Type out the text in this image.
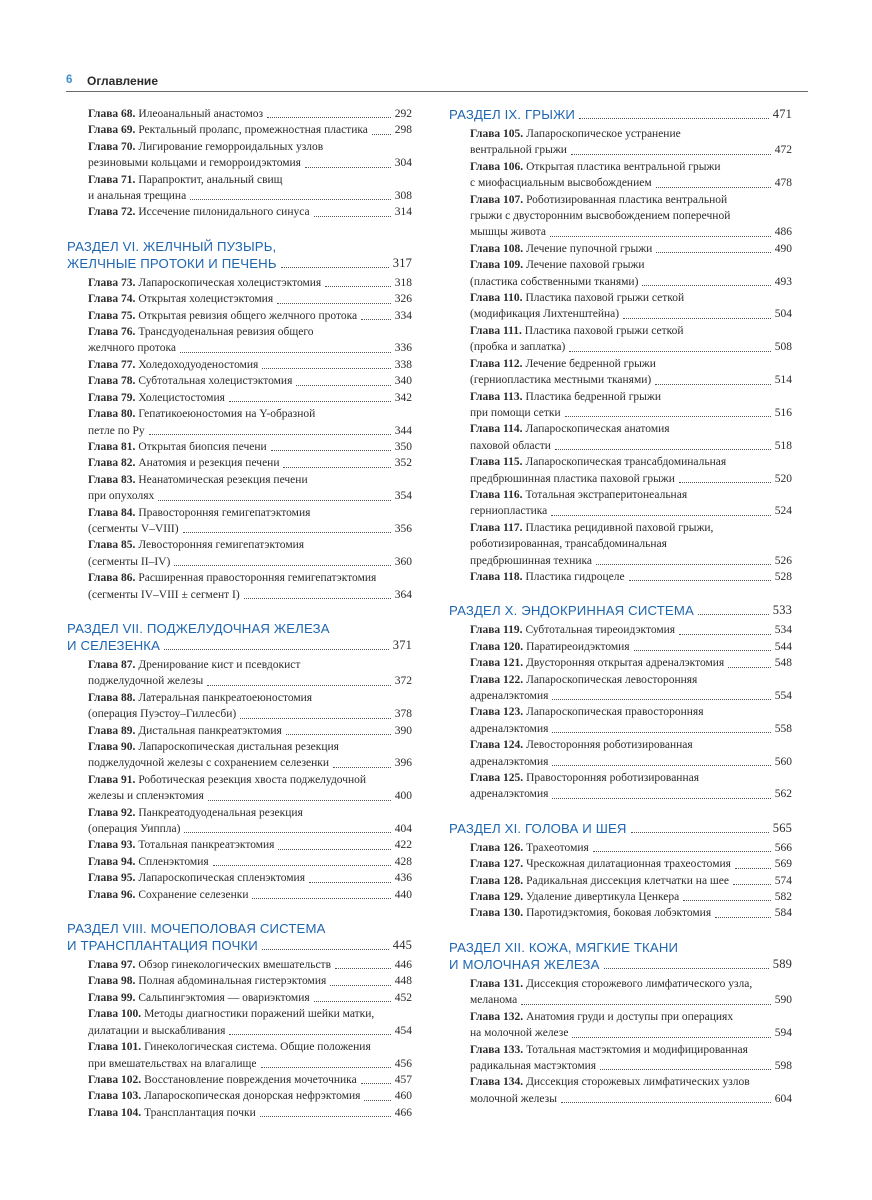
6 Оглавление
Глава 68. Илеоанальный анастомоз	292
Глава 69. Ректальный пролапс, промежностная пластика 298
Глава 70. Лигирование геморроидальных узлов
резиновыми кольцами и геморроидэктомия	304
Глава 71. Парапроктит, анальный свищ
и анальная трещина	308
Глава 72. Иссечение пилонидального синуса	314
РАЗДЕЛ VI. ЖЕЛЧНЫЙ ПУЗЫРЬ,
ЖЕЛЧНЫЕ ПРОТОКИ И ПЕЧЕНЬ	317
Глава 73. Лапароскопическая холецистэктомия	318
Глава 74. Открытая холецистэктомия	326
Глава 75. Открытая ревизия общего желчного протока	334
Глава 76. Трансдуоденальная ревизия общего
желчного протока	336
Глава 77. Холедоходуоденостомия	338
Глава 78. Субтотальная холецистэктомия	340
Глава 79. Холецистостомия	342
Глава 80. Гепатикоеюностомия на Y-образной
петле по Ру	344
Глава 81. Открытая биопсия печени	350
Глава 82. Анатомия и резекция печени	352
Глава 83. Неанатомическая резекция печени
при опухолях	354
Глава 84. Правосторонняя гемигепатэктомия
(сегменты V–VIII)	356
Глава 85. Левосторонняя гемигепатэктомия
(сегменты II–IV)	360
Глава 86. Расширенная правосторонняя гемигепатэктомия
(сегменты IV–VIII ± сегмент I)	364
РАЗДЕЛ VII. ПОДЖЕЛУДОЧНАЯ ЖЕЛЕЗА
И СЕЛЕЗЕНКА	371
Глава 87. Дренирование кист и псевдокист
поджелудочной железы	372
Глава 88. Латеральная панкреатоеюностомия
(операция Пуэстоу–Гиллесби)	378
Глава 89. Дистальная панкреатэктомия	390
Глава 90. Лапароскопическая дистальная резекция
поджелудочной железы с сохранением селезенки	396
Глава 91. Роботическая резекция хвоста поджелудочной
железы и спленэктомия	400
Глава 92. Панкреатодуоденальная резекция
(операция Уиппла)	404
Глава 93. Тотальная панкреатэктомия	422
Глава 94. Спленэктомия	428
Глава 95. Лапароскопическая спленэктомия	436
Глава 96. Сохранение селезенки	440
РАЗДЕЛ VIII. МОЧЕПОЛОВАЯ СИСТЕМА
И ТРАНСПЛАНТАЦИЯ ПОЧКИ	445
Глава 97. Обзор гинекологических вмешательств	446
Глава 98. Полная абдоминальная гистерэктомия	448
Глава 99. Сальпингэктомия — овариэктомия	452
Глава 100. Методы диагностики поражений шейки матки,
дилатации и выскабливания	454
Глава 101. Гинекологическая система. Общие положения
при вмешательствах на влагалище	456
Глава 102. Восстановление повреждения мочеточника	457
Глава 103. Лапароскопическая донорская нефрэктомия	460
Глава 104. Трансплантация почки	466
РАЗДЕЛ IX. ГРЫЖИ	471
Глава 105. Лапароскопическое устранение
вентральной грыжи	472
Глава 106. Открытая пластика вентральной грыжи
с миофасциальным высвобождением	478
Глава 107. Роботизированная пластика вентральной
грыжи с двусторонним высвобождением поперечной
мышцы живота	486
Глава 108. Лечение пупочной грыжи	490
Глава 109. Лечение паховой грыжи
(пластика собственными тканями)	493
Глава 110. Пластика паховой грыжи сеткой
(модификация Лихтенштейна)	504
Глава 111. Пластика паховой грыжи сеткой
(пробка и заплатка)	508
Глава 112. Лечение бедренной грыжи
(герниопластика местными тканями)	514
Глава 113. Пластика бедренной грыжи
при помощи сетки	516
Глава 114. Лапароскопическая анатомия
паховой области	518
Глава 115. Лапароскопическая трансабдоминальная
предбрюшинная пластика паховой грыжи	520
Глава 116. Тотальная экстраперитонеальная
герниопластика	524
Глава 117. Пластика рецидивной паховой грыжи,
роботизированная, трансабдоминальная
предбрюшинная техника	526
Глава 118. Пластика гидроцеле	528
РАЗДЕЛ X. ЭНДОКРИННАЯ СИСТЕМА	533
Глава 119. Субтотальная тиреоидэктомия	534
Глава 120. Паратиреоидэктомия	544
Глава 121. Двусторонняя открытая адреналэктомия	548
Глава 122. Лапароскопическая левосторонняя
адреналэктомия	554
Глава 123. Лапароскопическая правосторонняя
адреналэктомия	558
Глава 124. Левосторонняя роботизированная
адреналэктомия	560
Глава 125. Правосторонняя роботизированная
адреналэктомия	562
РАЗДЕЛ XI. ГОЛОВА И ШЕЯ	565
Глава 126. Трахеотомия	566
Глава 127. Чрескожная дилатационная трахеостомия	569
Глава 128. Радикальная диссекция клетчатки на шее	574
Глава 129. Удаление дивертикула Ценкера	582
Глава 130. Паротидэктомия, боковая лобэктомия	584
РАЗДЕЛ XII. КОЖА, МЯГКИЕ ТКАНИ
И МОЛОЧНАЯ ЖЕЛЕЗА	589
Глава 131. Диссекция сторожевого лимфатического узла,
меланома	590
Глава 132. Анатомия груди и доступы при операциях
на молочной железе	594
Глава 133. Тотальная мастэктомия и модифицированная
радикальная мастэктомия	598
Глава 134. Диссекция сторожевых лимфатических узлов
молочной железы	604
